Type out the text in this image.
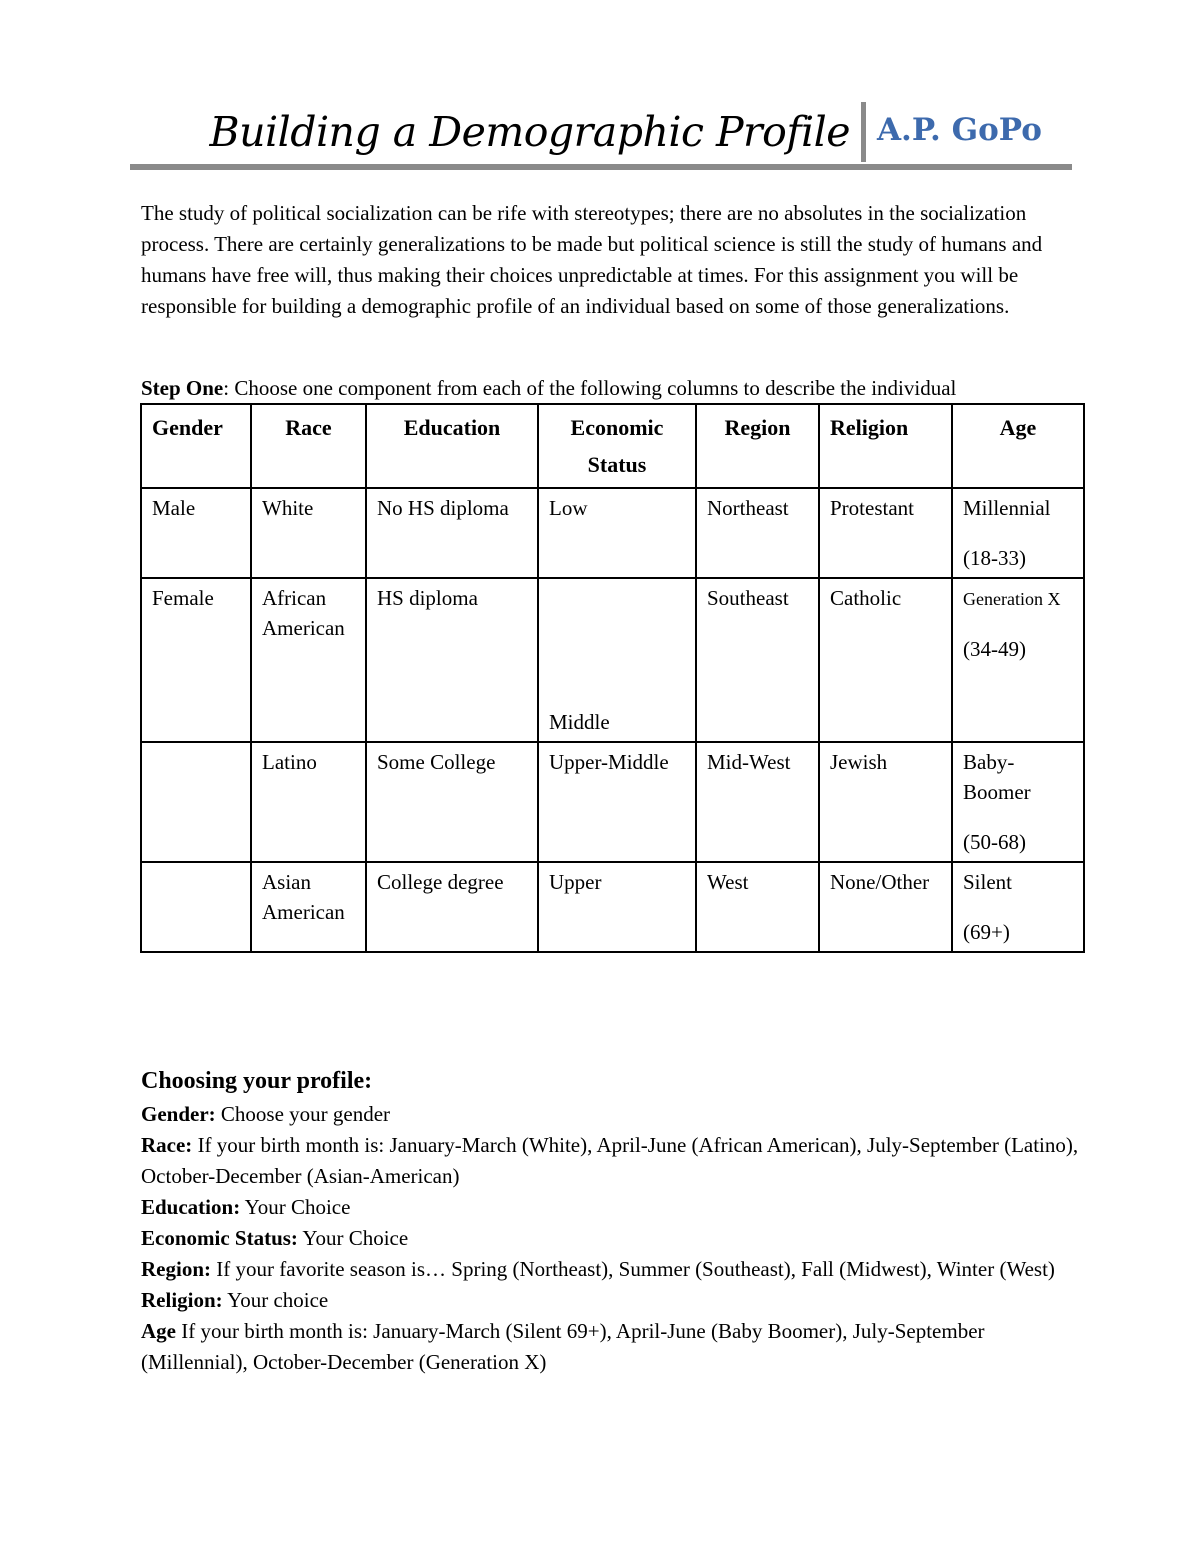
Building a Demographic Profile A.P. GoPo

The study of political socialization can be rife with stereotypes; there are no absolutes in the socialization process. There are certainly generalizations to be made but political science is still the study of humans and humans have free will, thus making their choices unpredictable at times. For this assignment you will be responsible for building a demographic profile of an individual based on some of those generalizations.

Step One: Choose one component from each of the following columns to describe the individual
Gender	Race	Education	Economic Status	Region	Religion	Age
Male	White	No HS diploma	Low	Northeast	Protestant	Millennial
(18-33)
Female	African American	HS diploma	Middle	Southeast	Catholic	Generation X
(34-49)
	Latino	Some College	Upper-Middle	Mid-West	Jewish	Baby-Boomer
(50-68)
	Asian American	College degree	Upper	West	None/Other	Silent
(69+)
Choosing your profile:

Gender: Choose your gender

Race: If your birth month is: January-March (White), April-June (African American), July-September (Latino), October-December (Asian-American)

Education: Your Choice

Economic Status: Your Choice

Region: If your favorite season is… Spring (Northeast), Summer (Southeast), Fall (Midwest), Winter (West)

Religion: Your choice

Age If your birth month is: January-March (Silent 69+), April-June (Baby Boomer), July-September (Millennial), October-December (Generation X)
